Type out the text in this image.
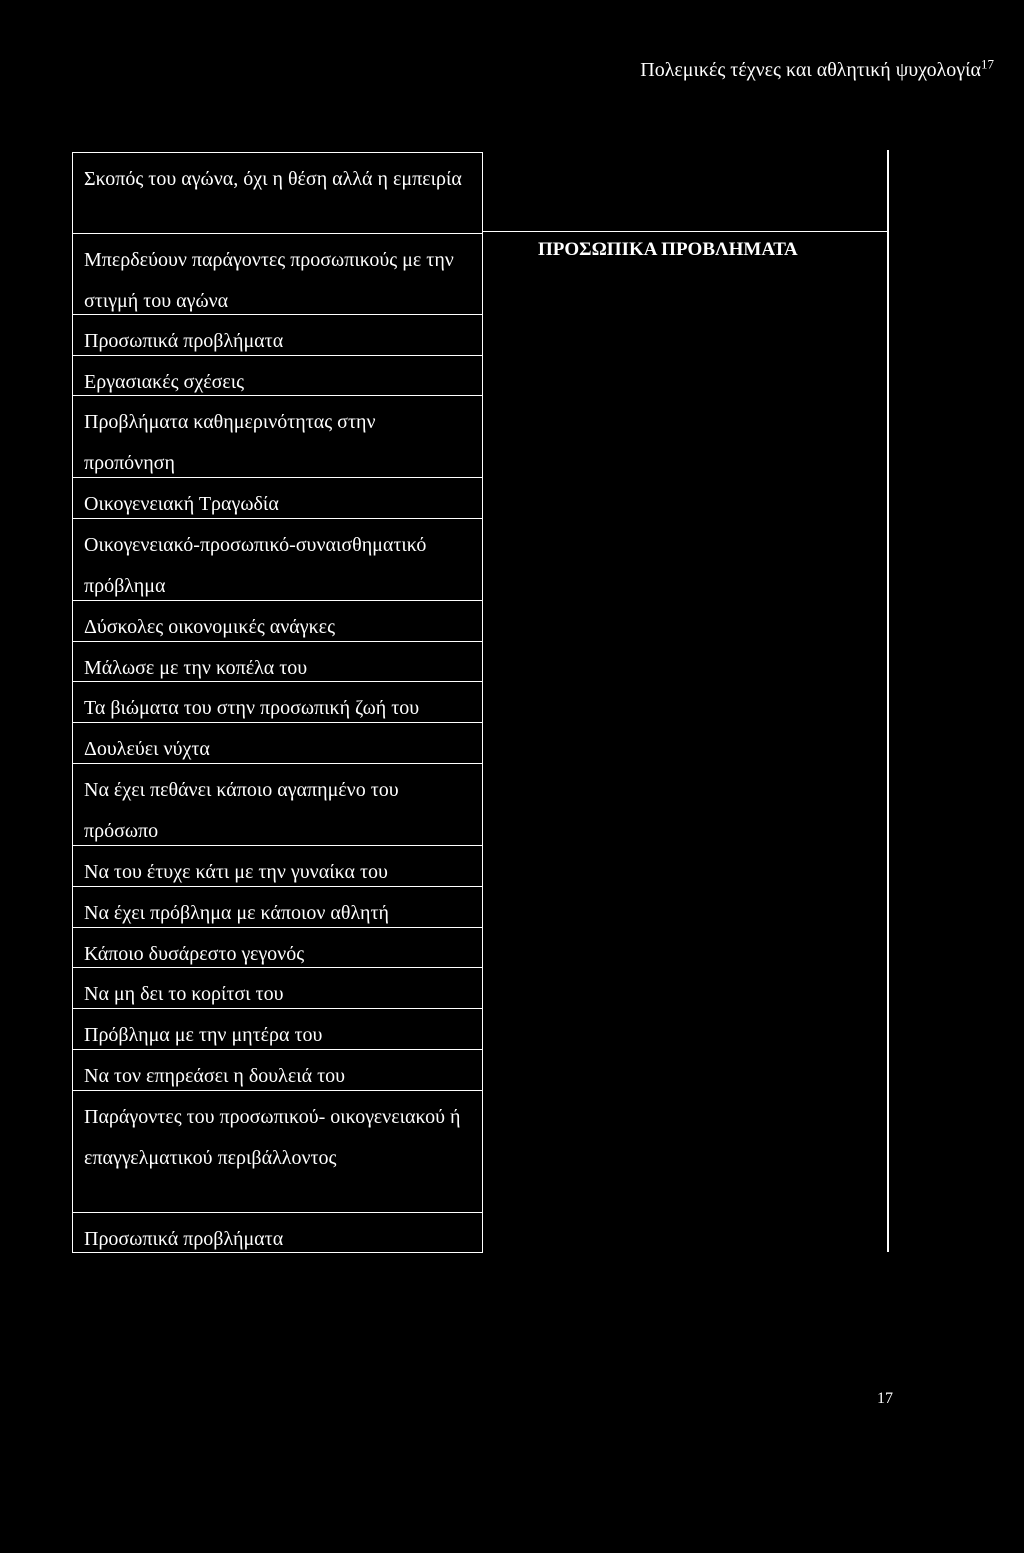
Πολεμικές τέχνες και αθλητική ψυχολογία$^{17}$
Σκοπός του αγώνα, όχι η θέση αλλά η εμπειρία
Μπερδεύουν παράγοντες προσωπικούς με την στιγμή του αγώνα
Προσωπικά προβλήματα
Εργασιακές σχέσεις
Προβλήματα καθημερινότητας στην προπόνηση
Οικογενειακή Τραγωδία
Οικογενειακό-προσωπικό-συναισθηματικό πρόβλημα
Δύσκολες οικονομικές ανάγκες
Μάλωσε με την κοπέλα του
Τα βιώματα του στην προσωπική ζωή του
Δουλεύει νύχτα
Να έχει πεθάνει κάποιο αγαπημένο του πρόσωπο
Να του έτυχε κάτι με την γυναίκα του
Να έχει πρόβλημα με κάποιον αθλητή
Κάποιο δυσάρεστο γεγονός
Να μη δει το κορίτσι του
Πρόβλημα με την μητέρα του
Να τον επηρεάσει η δουλειά του
Παράγοντες του προσωπικού- οικογενειακού ή επαγγελματικού περιβάλλοντος
Προσωπικά προβλήματα
ΠΡΟΣΩΠΙΚΑ ΠΡΟΒΛΗΜΑΤΑ
17
